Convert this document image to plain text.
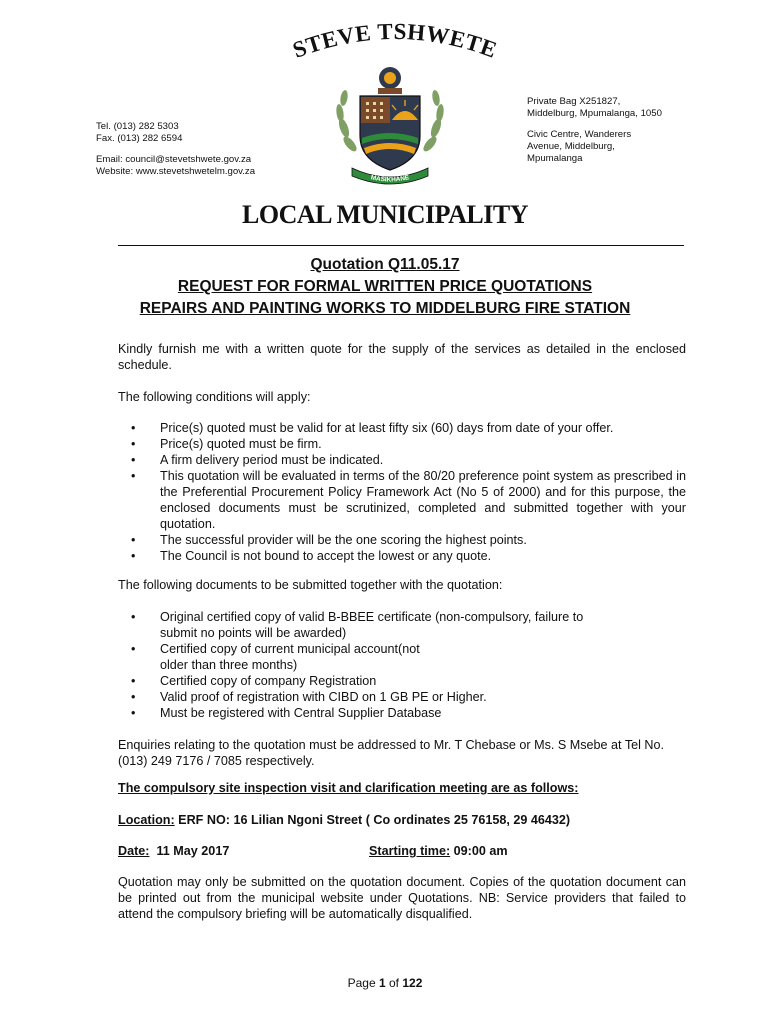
STEVE TSHWETE
MASIKHANE
Tel. (013) 282 5303
Fax. (013) 282 6594
Email: council@stevetshwete.gov.za
Website: www.stevetshwetelm.gov.za
Private Bag X251827,
Middelburg, Mpumalanga, 1050
Civic Centre, Wanderers
Avenue, Middelburg,
Mpumalanga
LOCAL MUNICIPALITY
Quotation Q11.05.17
REQUEST FOR FORMAL WRITTEN PRICE QUOTATIONS
REPAIRS AND PAINTING WORKS TO MIDDELBURG FIRE STATION
Kindly furnish me with a written quote for the supply of the services as detailed in the enclosed schedule.
The following conditions will apply:
• Price(s) quoted must be valid for at least fifty six (60) days from date of your offer.
• Price(s) quoted must be firm.
• A firm delivery period must be indicated.
• This quotation will be evaluated in terms of the 80/20 preference point system as prescribed in the Preferential Procurement Policy Framework Act (No 5 of 2000) and for this purpose, the enclosed documents must be scrutinized, completed and submitted together with your quotation.
• The successful provider will be the one scoring the highest points.
• The Council is not bound to accept the lowest or any quote.
The following documents to be submitted together with the quotation:
• Original certified copy of valid B-BBEE certificate (non-compulsory, failure to
submit no points will be awarded)
• Certified copy of current municipal account(not
older than three months)
• Certified copy of company Registration
• Valid proof of registration with CIBD on 1 GB PE or Higher.
• Must be registered with Central Supplier Database
Enquiries relating to the quotation must be addressed to Mr. T Chebase or Ms. S Msebe at Tel No. (013) 249 7176 / 7085 respectively.
The compulsory site inspection visit and clarification meeting are as follows:
Location: ERF NO: 16 Lilian Ngoni Street ( Co ordinates 25 76158, 29 46432)
Date:  11 May 2017	Starting time: 09:00 am
Quotation may only be submitted on the quotation document. Copies of the quotation document can be printed out from the municipal website under Quotations. NB: Service providers that failed to attend the compulsory briefing will be automatically disqualified.
Page 1 of 122
